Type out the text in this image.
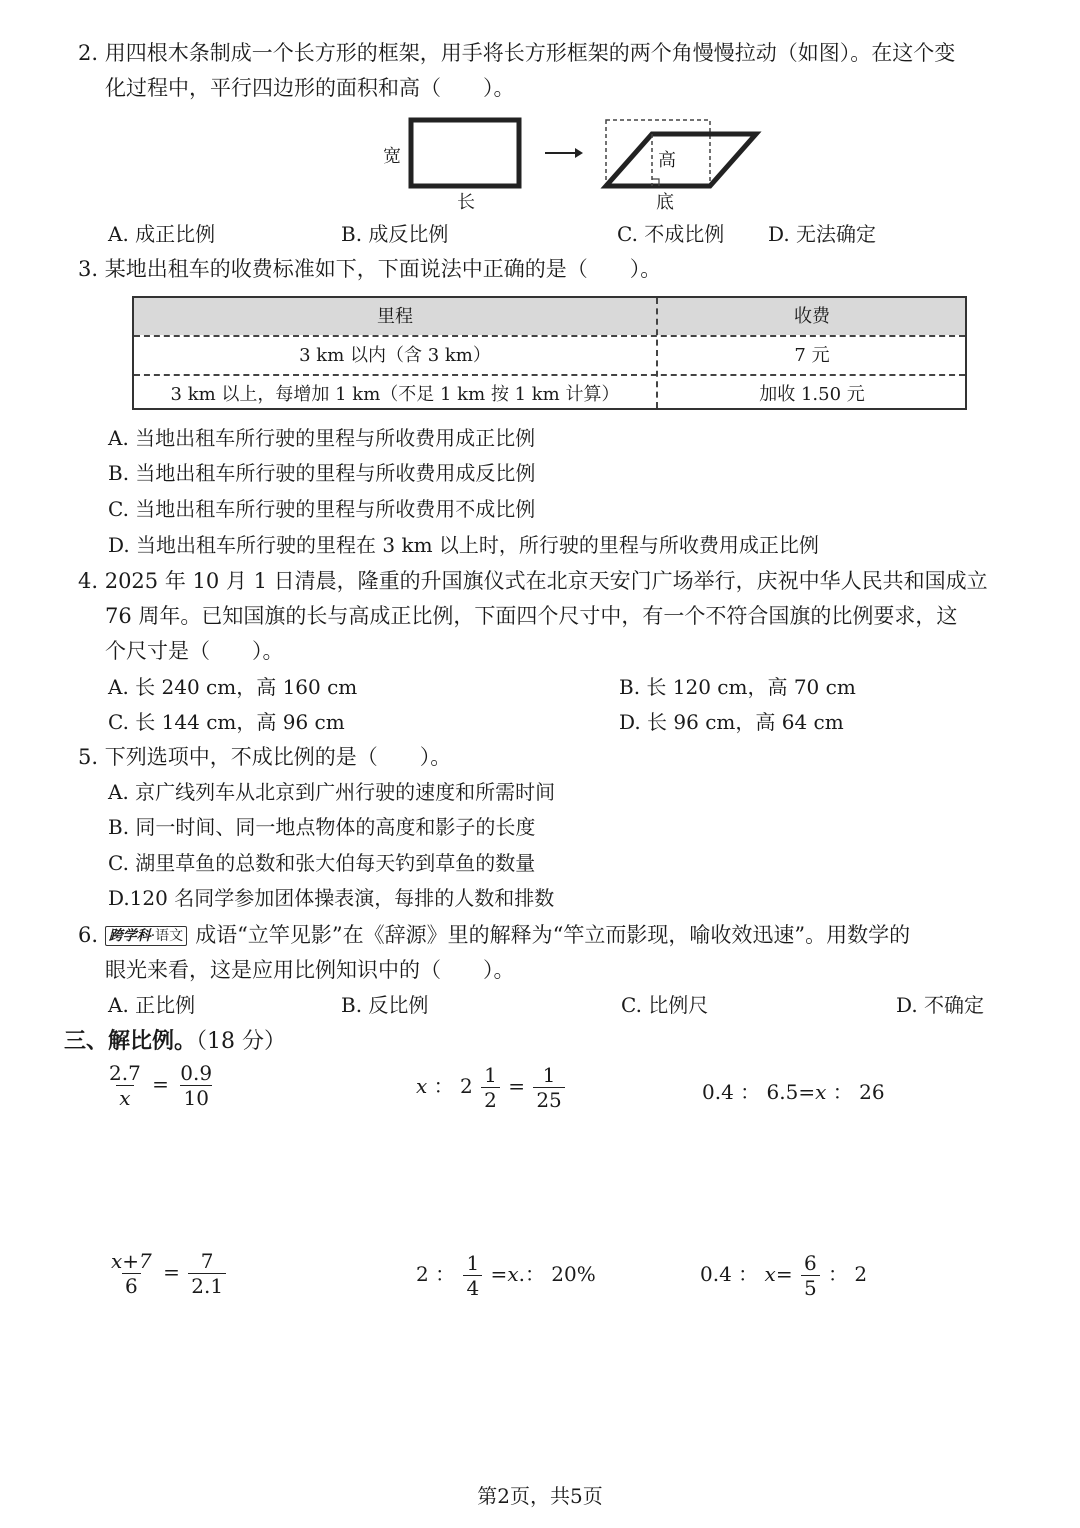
2. 用四根木条制成一个长方形的框架，用手将长方形框架的两个角慢慢拉动（如图）。在这个变
化过程中，平行四边形的面积和高（　　）。
宽
长
高
底
A. 成正比例	B. 成反比例	C. 不成比例 D. 无法确定
3. 某地出租车的收费标准如下，下面说法中正确的是（　　）。
里程	收费
3 km 以内（含 3 km）	7 元
3 km 以上，每增加 1 km（不足 1 km 按 1 km 计算）	加收 1.50 元
A. 当地出租车所行驶的里程与所收费用成正比例
B. 当地出租车所行驶的里程与所收费用成反比例
C. 当地出租车所行驶的里程与所收费用不成比例
D. 当地出租车所行驶的里程在 3 km 以上时，所行驶的里程与所收费用成正比例
4. 2025 年 10 月 1 日清晨，隆重的升国旗仪式在北京天安门广场举行，庆祝中华人民共和国成立
76 周年。已知国旗的长与高成正比例，下面四个尺寸中，有一个不符合国旗的比例要求，这
个尺寸是（　　）。
A. 长 240 cm，高 160 cm	B. 长 120 cm，高 70 cm
C. 长 144 cm，高 96 cm	D. 长 96 cm，高 64 cm
5. 下列选项中，不成比例的是（　　）。
A. 京广线列车从北京到广州行驶的速度和所需时间
B. 同一时间、同一地点物体的高度和影子的长度
C. 湖里草鱼的总数和张大伯每天钓到草鱼的数量
D.120 名同学参加团体操表演，每排的人数和排数
6. 跨学科·语文 成语“立竿见影”在《辞源》里的解释为“竿立而影现，喻收效迅速”。用数学的
眼光来看，这是应用比例知识中的（　　）。
A. 正比例	B. 反比例	C. 比例尺	D. 不确定
三、解比例。（18 分）
$\frac{2.7}{x} = \frac{0.9}{10}$	x ： $2 \frac{1}{2} = \frac{1}{25}$	0.4 ： 6.5=x ： 26
$\frac{x+7}{6} = \frac{7}{2.1}$	2 ： $\frac{1}{4} =x$.： 20%	0.4 ： $x= \frac{6}{5}$ ： 2
第2页，共5页
